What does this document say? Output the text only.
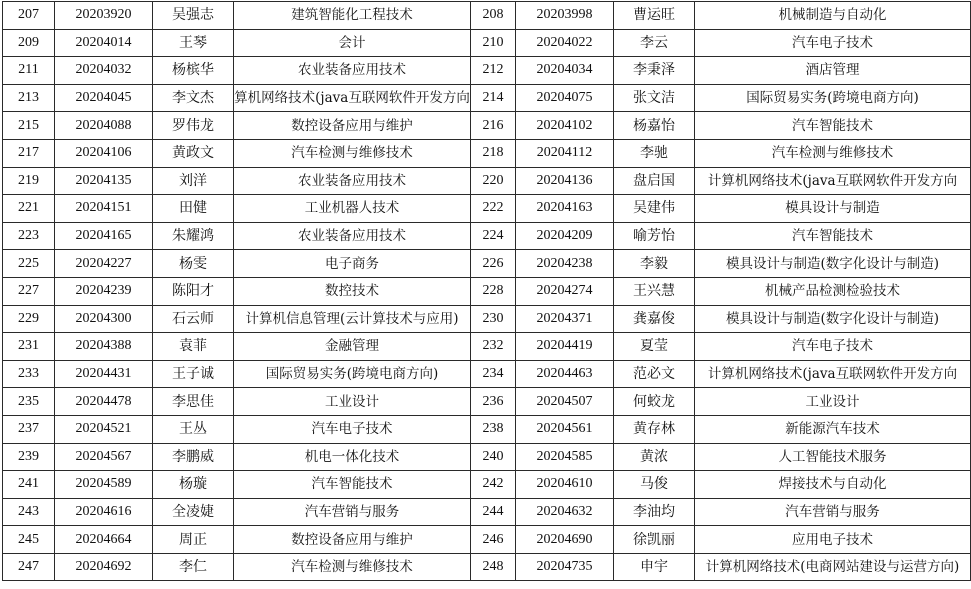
207	20203920	吴强志	建筑智能化工程技术	208	20203998	曹运旺	机械制造与自动化
209	20204014	王琴	会计	210	20204022	李云	汽车电子技术
211	20204032	杨槟华	农业装备应用技术	212	20204034	李秉泽	酒店管理
213	20204045	李文杰	算机网络技术(java互联网软件开发方向	214	20204075	张文洁	国际贸易实务(跨境电商方向)
215	20204088	罗伟龙	数控设备应用与维护	216	20204102	杨嘉怡	汽车智能技术
217	20204106	黄政文	汽车检测与维修技术	218	20204112	李驰	汽车检测与维修技术
219	20204135	刘洋	农业装备应用技术	220	20204136	盘启国	计算机网络技术(java互联网软件开发方向
221	20204151	田健	工业机器人技术	222	20204163	吴建伟	模具设计与制造
223	20204165	朱耀鸿	农业装备应用技术	224	20204209	喻芳怡	汽车智能技术
225	20204227	杨雯	电子商务	226	20204238	李毅	模具设计与制造(数字化设计与制造)
227	20204239	陈阳才	数控技术	228	20204274	王兴慧	机械产品检测检验技术
229	20204300	石云师	计算机信息管理(云计算技术与应用)	230	20204371	龚嘉俊	模具设计与制造(数字化设计与制造)
231	20204388	袁菲	金融管理	232	20204419	夏莹	汽车电子技术
233	20204431	王子诚	国际贸易实务(跨境电商方向)	234	20204463	范必文	计算机网络技术(java互联网软件开发方向
235	20204478	李思佳	工业设计	236	20204507	何蛟龙	工业设计
237	20204521	王丛	汽车电子技术	238	20204561	黄存林	新能源汽车技术
239	20204567	李鹏威	机电一体化技术	240	20204585	黄浓	人工智能技术服务
241	20204589	杨璇	汽车智能技术	242	20204610	马俊	焊接技术与自动化
243	20204616	全凌婕	汽车营销与服务	244	20204632	李油均	汽车营销与服务
245	20204664	周正	数控设备应用与维护	246	20204690	徐凯丽	应用电子技术
247	20204692	李仁	汽车检测与维修技术	248	20204735	申宇	计算机网络技术(电商网站建设与运营方向)
